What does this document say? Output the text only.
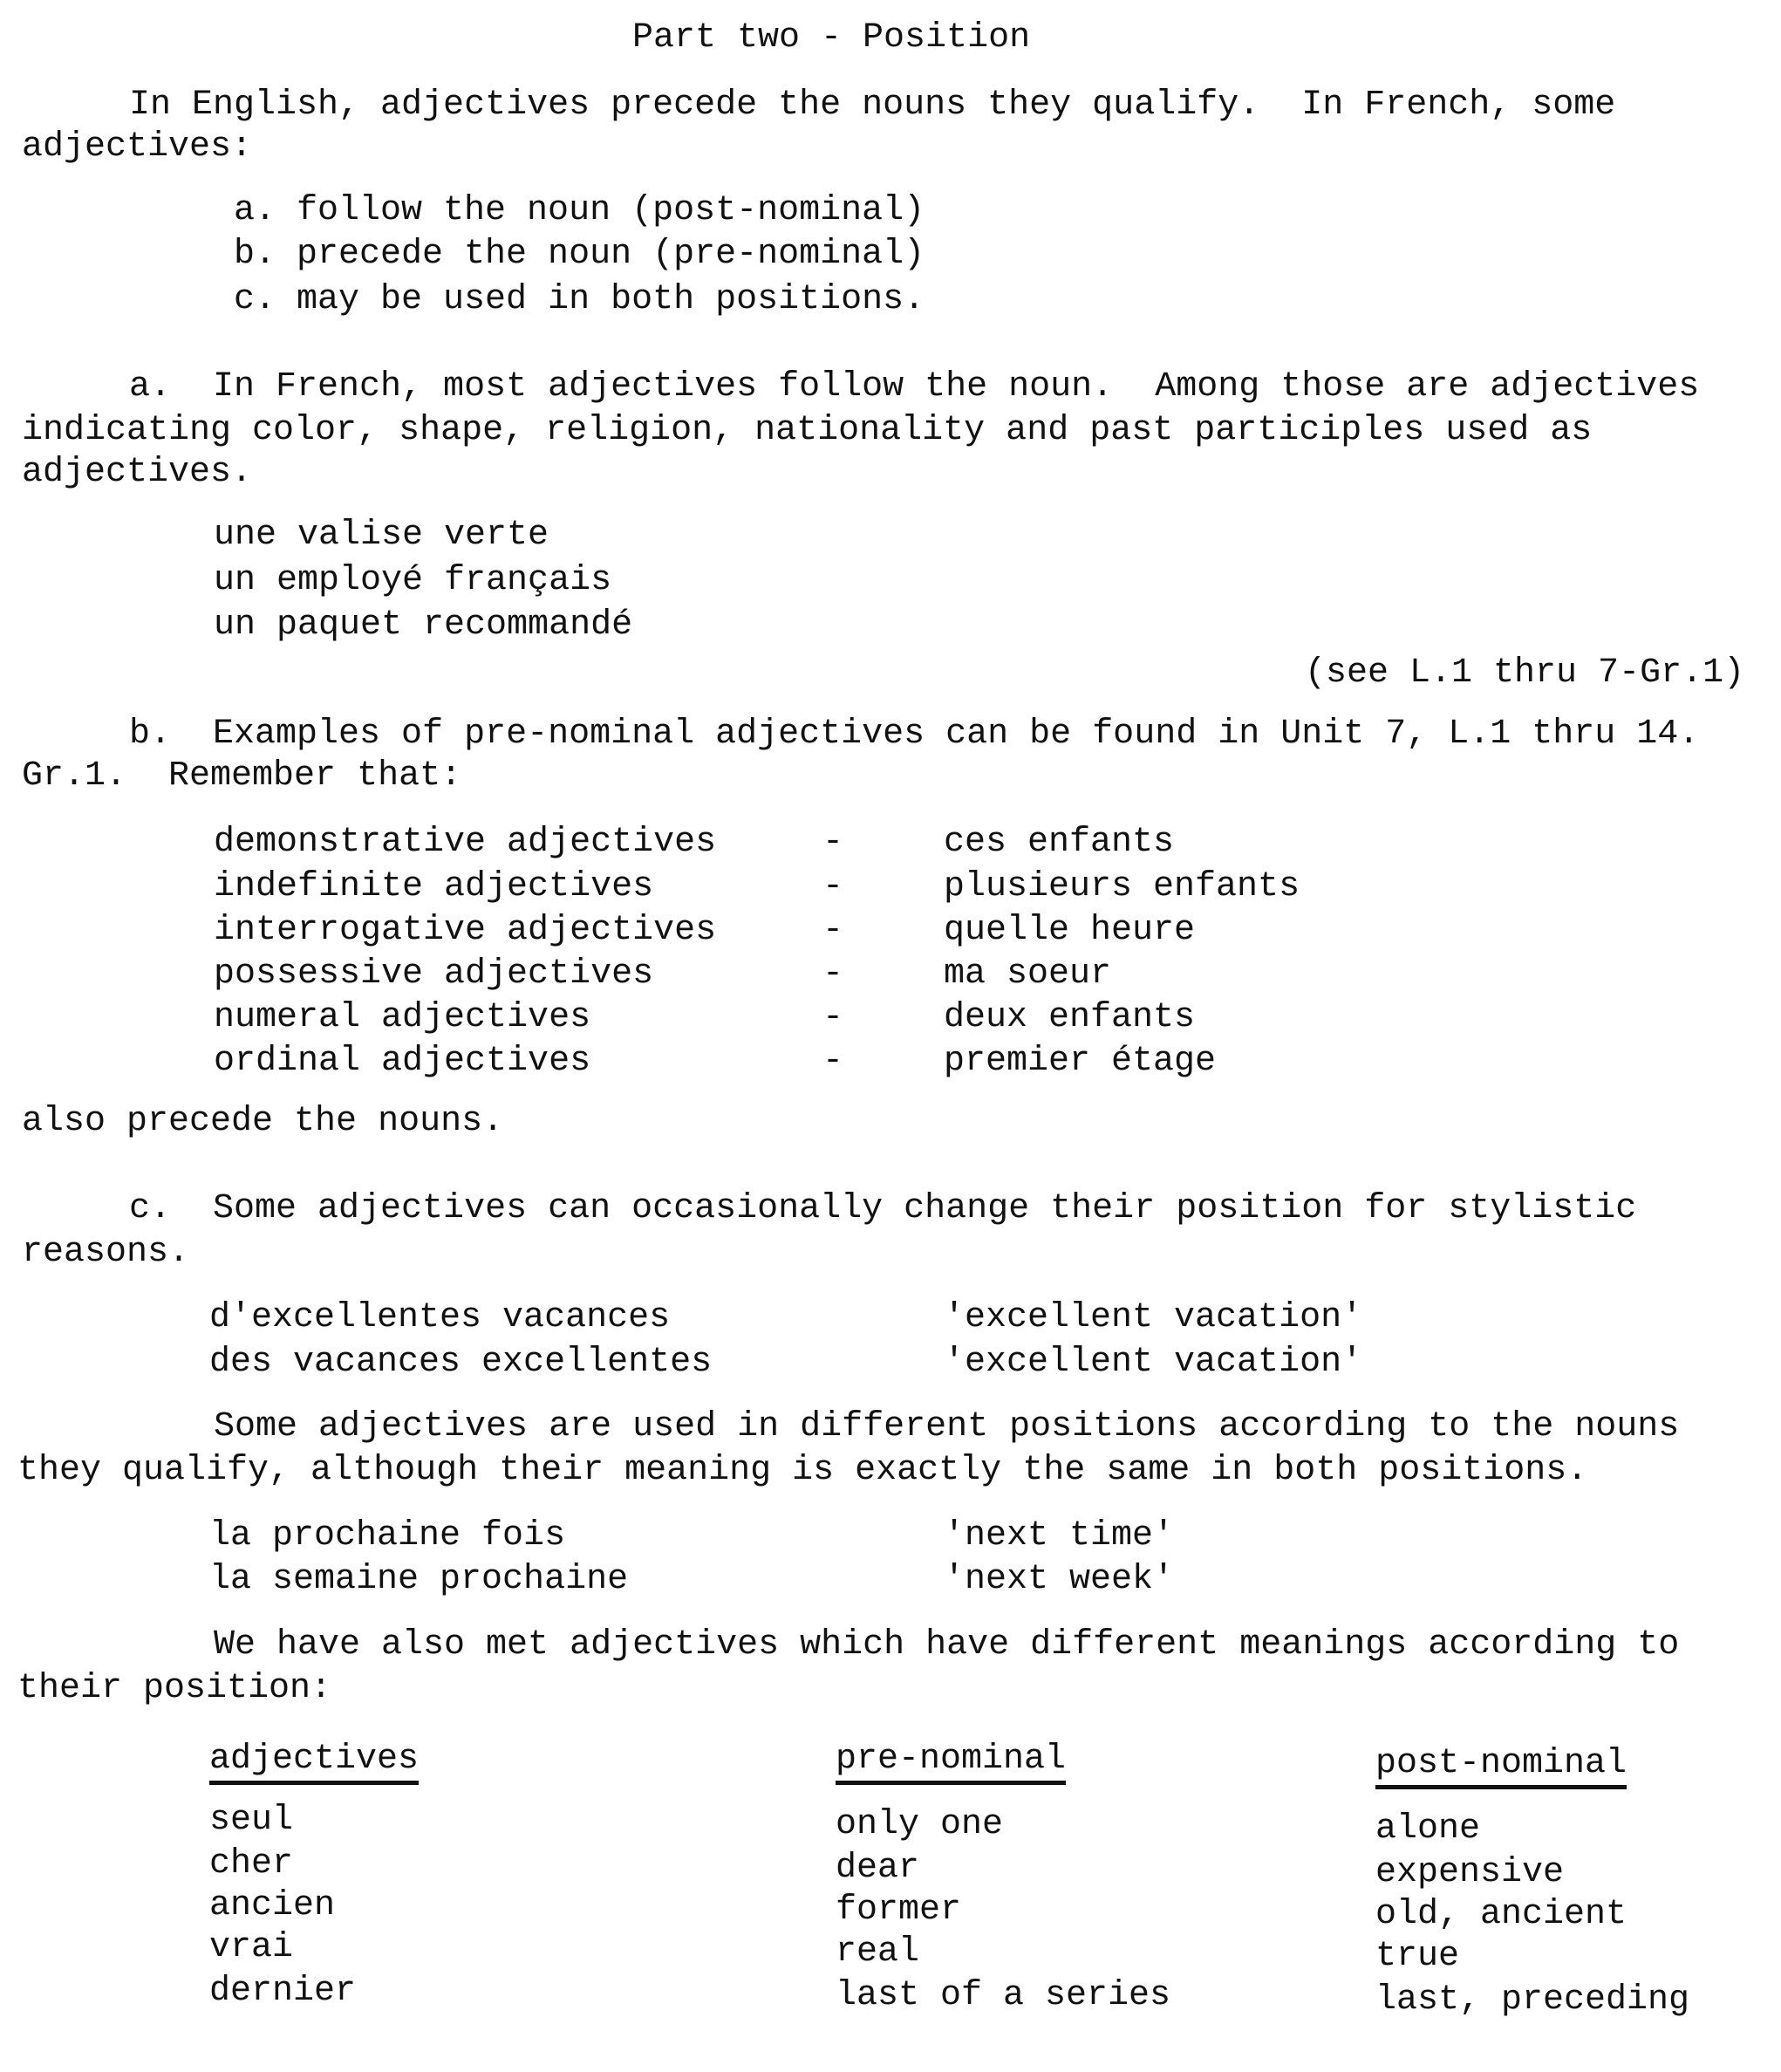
Part two - Position
In English, adjectives precede the nouns they qualify.  In French, some
adjectives:
a. follow the noun (post-nominal)
b. precede the noun (pre-nominal)
c. may be used in both positions.
a.  In French, most adjectives follow the noun.  Among those are adjectives
indicating color, shape, religion, nationality and past participles used as
adjectives.
une valise verte
un employé français
un paquet recommandé
(see L.1 thru 7-Gr.1)
b.  Examples of pre-nominal adjectives can be found in Unit 7, L.1 thru 14.
Gr.1.  Remember that:
demonstrative adjectives	-	ces enfants
indefinite adjectives	-	plusieurs enfants
interrogative adjectives	-	quelle heure
possessive adjectives	-	ma soeur
numeral adjectives	-	deux enfants
ordinal adjectives	-	premier étage
also precede the nouns.
c.  Some adjectives can occasionally change their position for stylistic
reasons.
d'excellentes vacances	'excellent vacation'
des vacances excellentes	'excellent vacation'
Some adjectives are used in different positions according to the nouns
they qualify, although their meaning is exactly the same in both positions.
la prochaine fois	'next time'
la semaine prochaine	'next week'
We have also met adjectives which have different meanings according to
their position:
adjectives	pre-nominal	post-nominal
seul	only one	alone
cher	dear	expensive
ancien	former	old, ancient
vrai	real	true
dernier	last of a series	last, preceding
